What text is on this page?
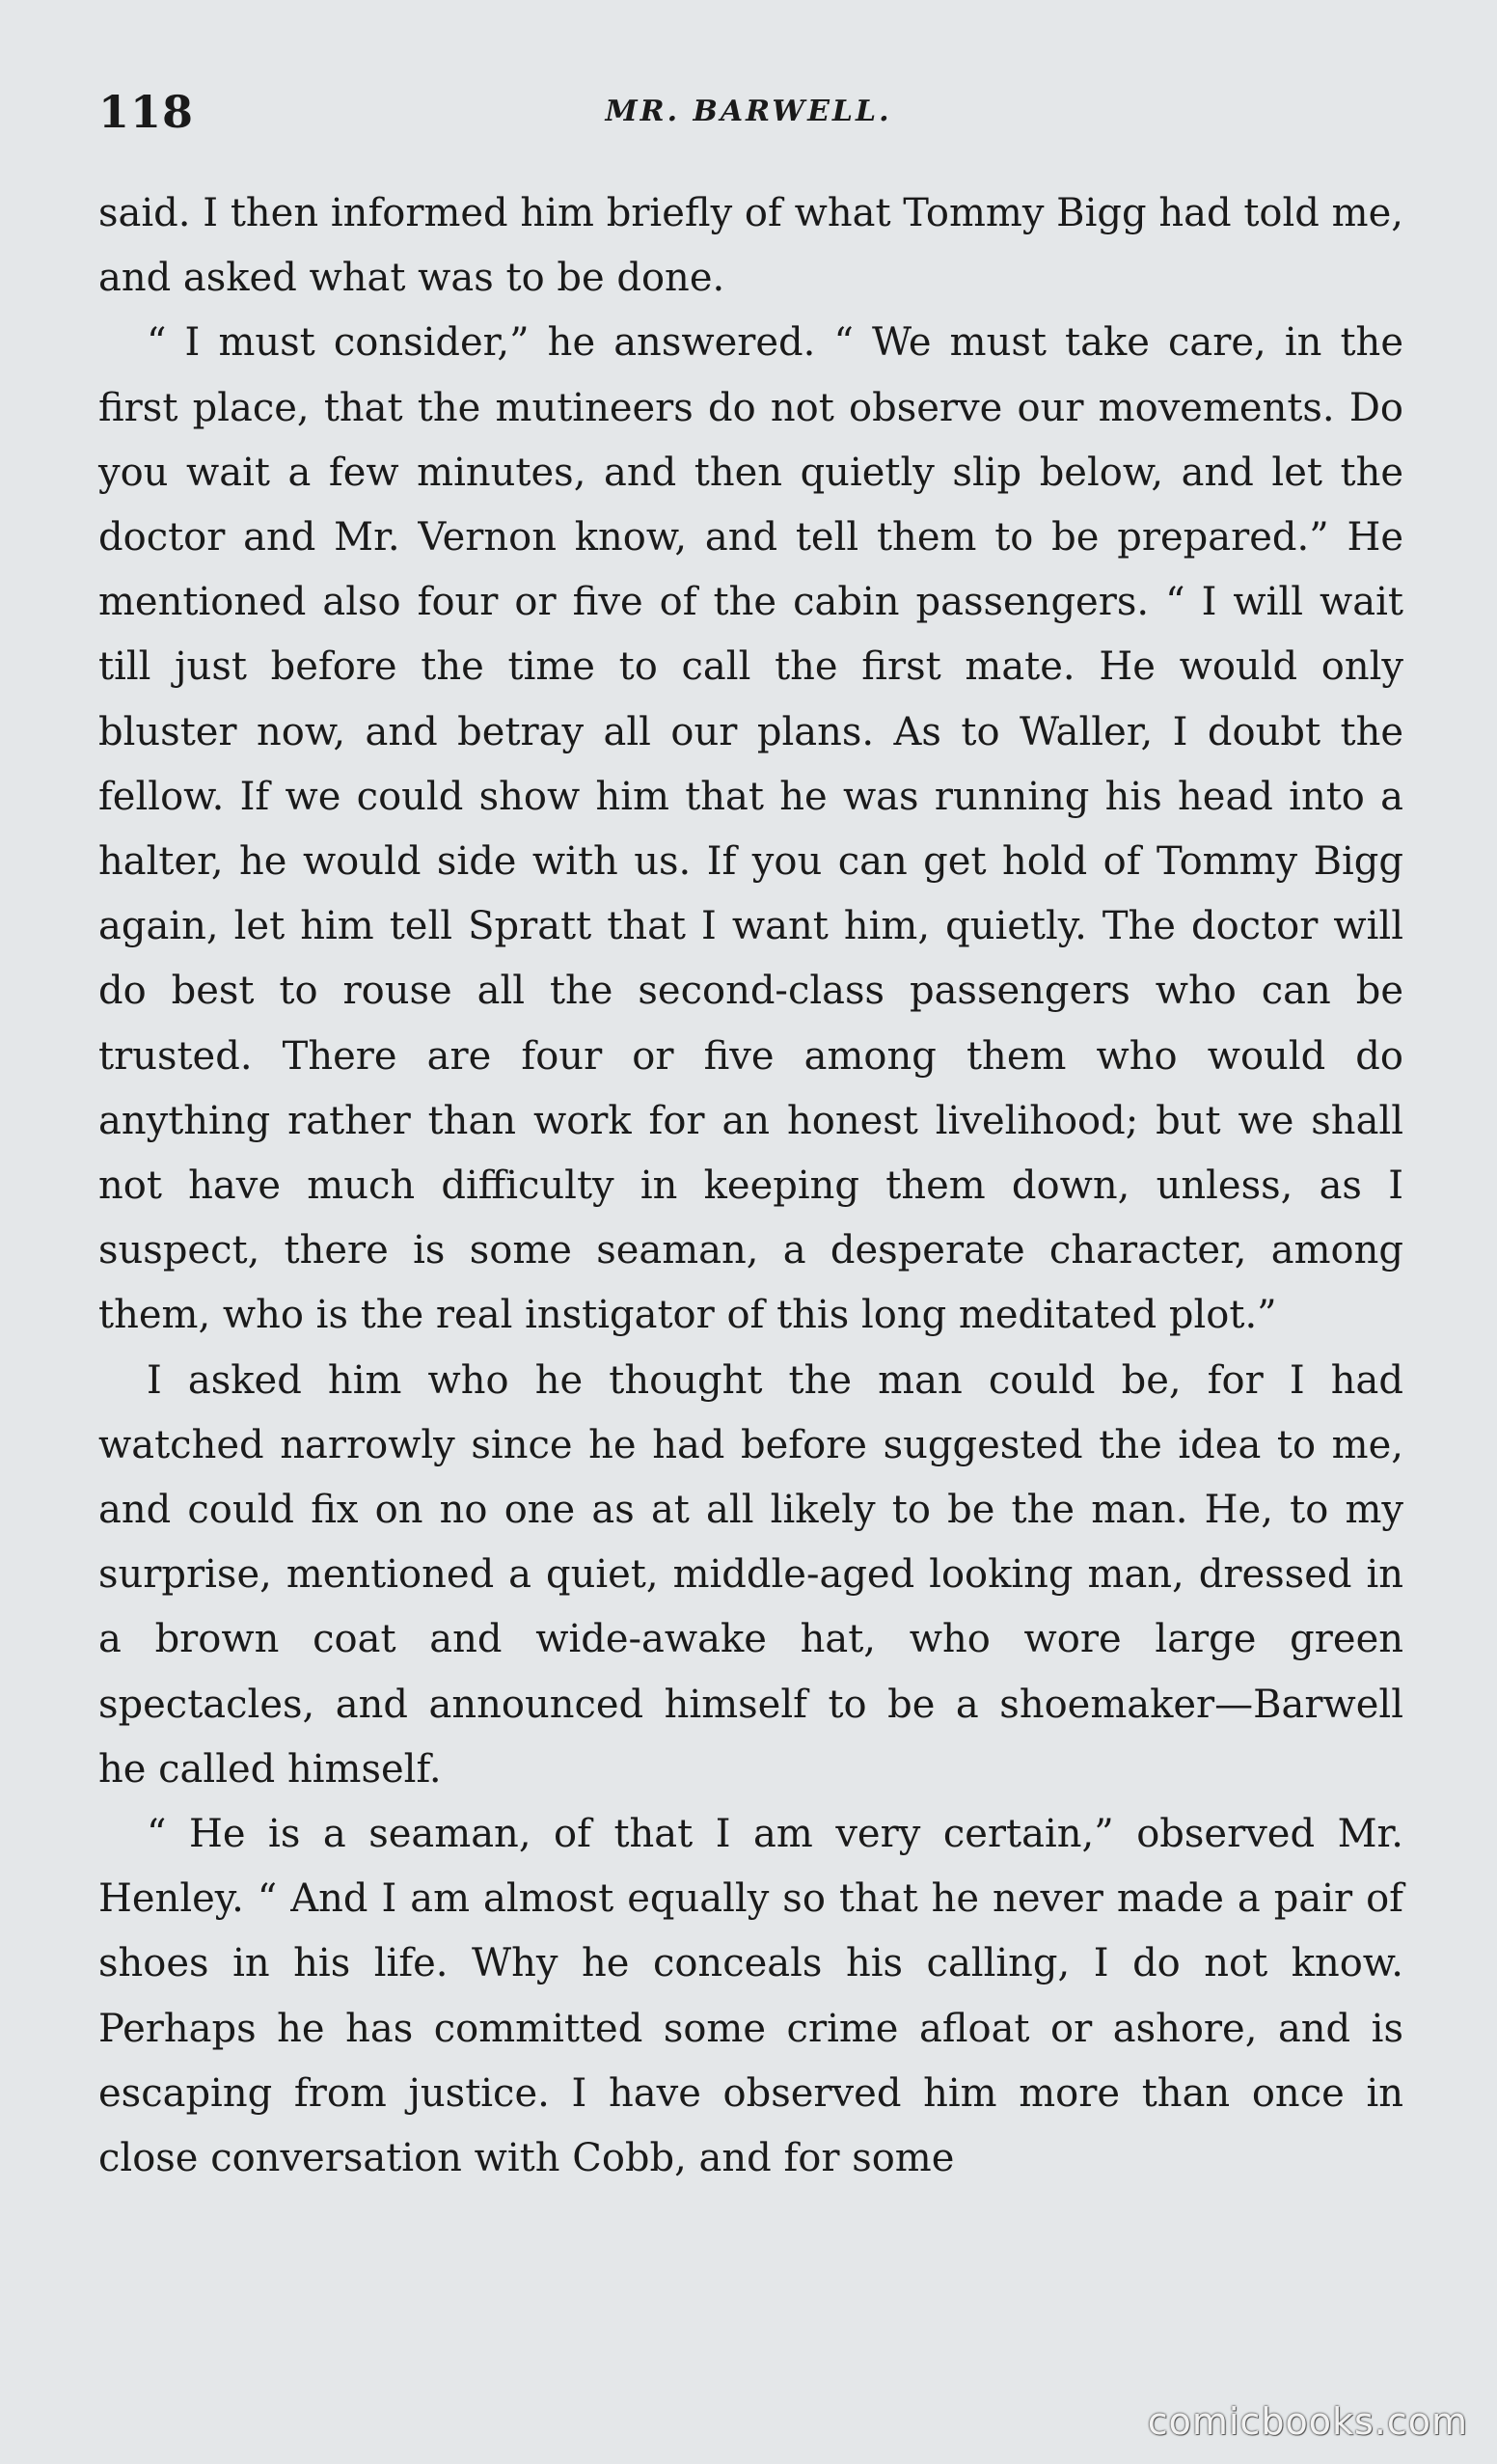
118	MR. BARWELL.

said. I then informed him briefly of what Tommy Bigg had told me, and asked what was to be done.

“ I must consider,” he answered. “ We must take care, in the first place, that the mutineers do not observe our movements. Do you wait a few minutes, and then quietly slip below, and let the doctor and Mr. Vernon know, and tell them to be prepared.” He mentioned also four or five of the cabin passengers. “ I will wait till just before the time to call the first mate. He would only bluster now, and betray all our plans. As to Waller, I doubt the fellow. If we could show him that he was running his head into a halter, he would side with us. If you can get hold of Tommy Bigg again, let him tell Spratt that I want him, quietly. The doctor will do best to rouse all the second-class passengers who can be trusted. There are four or five among them who would do anything rather than work for an honest livelihood; but we shall not have much difficulty in keeping them down, unless, as I suspect, there is some seaman, a desperate character, among them, who is the real instigator of this long meditated plot.”

I asked him who he thought the man could be, for I had watched narrowly since he had before suggested the idea to me, and could fix on no one as at all likely to be the man. He, to my surprise, mentioned a quiet, middle-aged looking man, dressed in a brown coat and wide-awake hat, who wore large green spectacles, and announced himself to be a shoemaker—Barwell he called himself.

“ He is a seaman, of that I am very certain,” observed Mr. Henley. “ And I am almost equally so that he never made a pair of shoes in his life. Why he conceals his calling, I do not know. Perhaps he has committed some crime afloat or ashore, and is escaping from justice. I have observed him more than once in close conversation with Cobb, and for some

comicbooks.com
